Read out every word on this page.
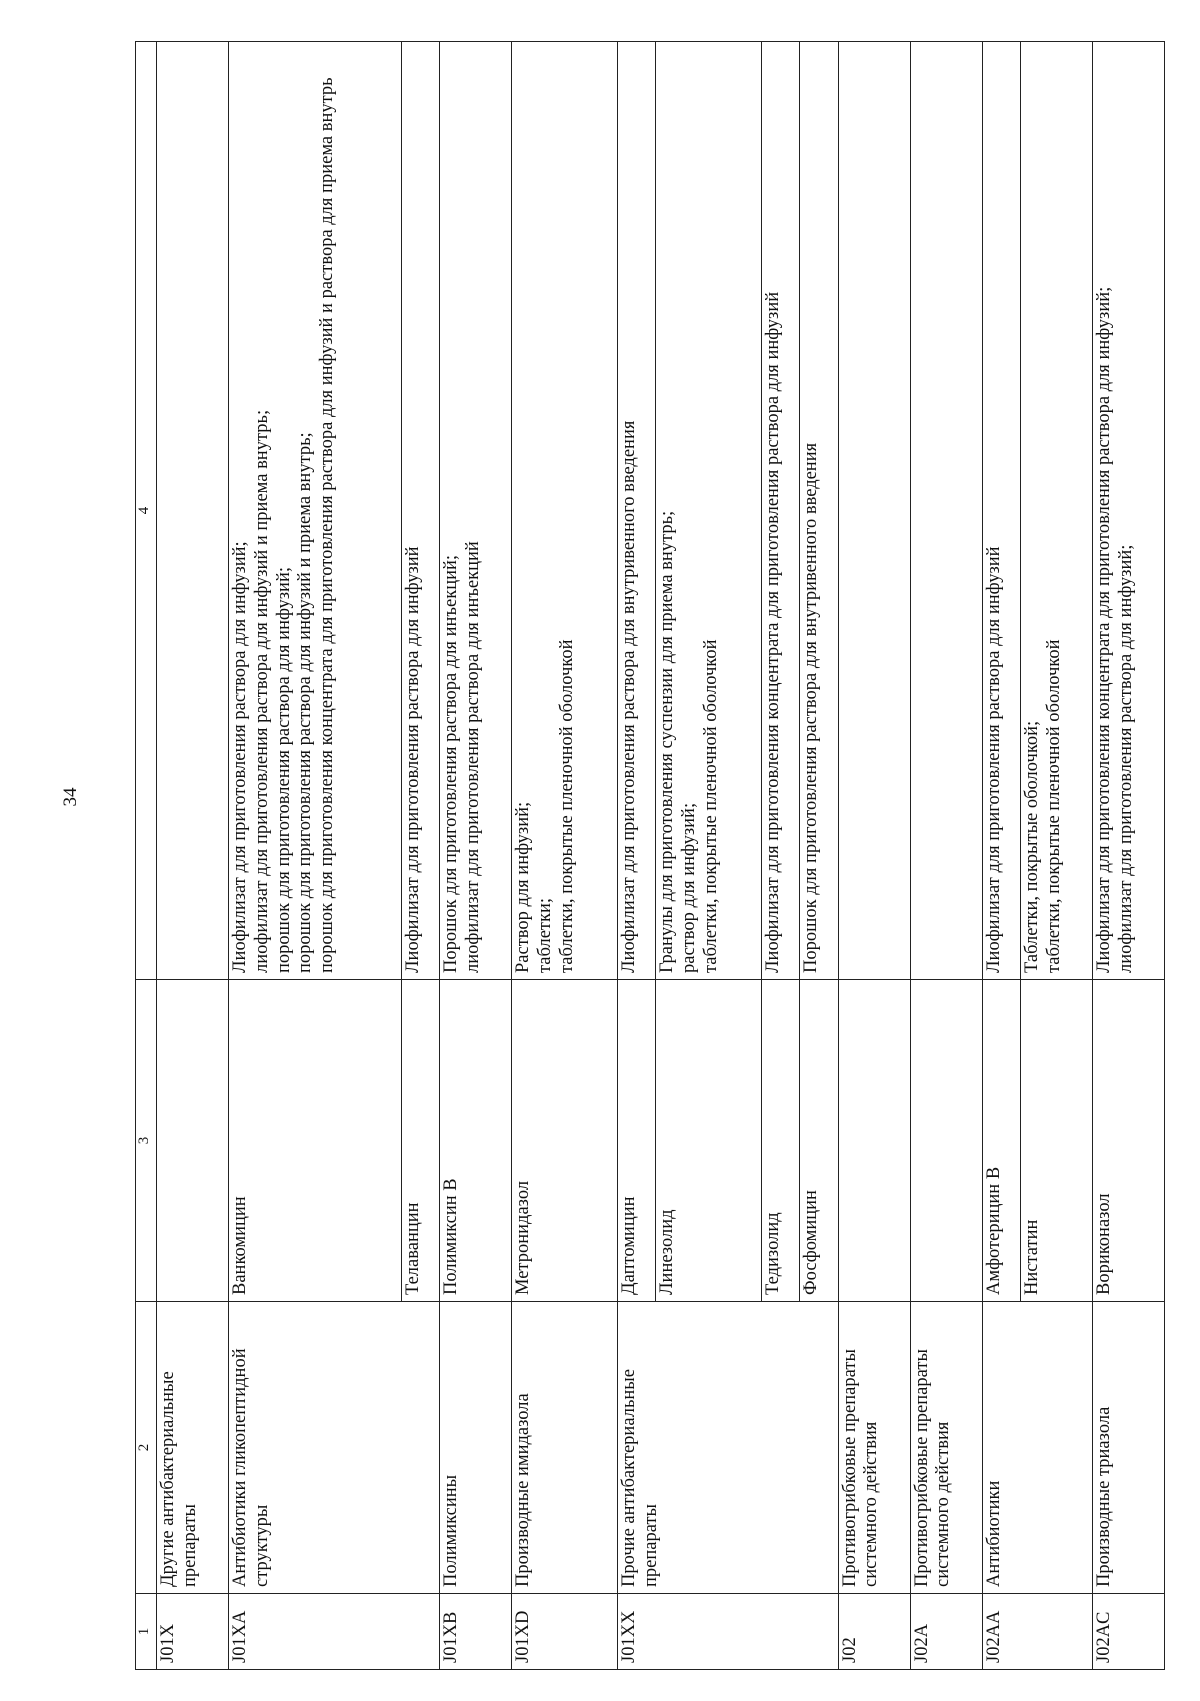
34
1	2	3	4
J01X	Другие антибактериальные препараты		
J01XA	Антибиотики гликопептидной структуры	Ванкомицин	Лиофилизат для приготовления раствора для инфузий; лиофилизат для приготовления раствора для инфузий и приема внутрь; порошок для приготовления раствора для инфузий; порошок для приготовления раствора для инфузий и приема внутрь; порошок для приготовления концентрата для приготовления раствора для инфузий и раствора для приема внутрь

		Телаванцин	Лиофилизат для приготовления раствора для инфузий

J01XB	Полимиксины	Полимиксин В	Порошок для приготовления раствора для инъекций; лиофилизат для приготовления раствора для инъекций

J01XD	Производные имидазола	Метронидазол	Раствор для инфузий; таблетки; таблетки, покрытые пленочной оболочкой

J01XX	Прочие антибактериальные препараты	Даптомицин	Лиофилизат для приготовления раствора для внутривенного введения

		Линезолид	Гранулы для приготовления суспензии для приема внутрь; раствор для инфузий; таблетки, покрытые пленочной оболочкой

		Тедизолид	Лиофилизат для приготовления концентрата для приготовления раствора для инфузий

		Фосфомицин	Порошок для приготовления раствора для внутривенного введения

J02	Противогрибковые препараты системного действия		
J02A	Противогрибковые препараты системного действия		
J02AA	Антибиотики	Амфотерицин В	Лиофилизат для приготовления раствора для инфузий

		Нистатин	Таблетки, покрытые оболочкой; таблетки, покрытые пленочной оболочкой

J02AC	Производные триазола	Вориконазол	Лиофилизат для приготовления концентрата для приготовления раствора для инфузий; лиофилизат для приготовления раствора для инфузий;
